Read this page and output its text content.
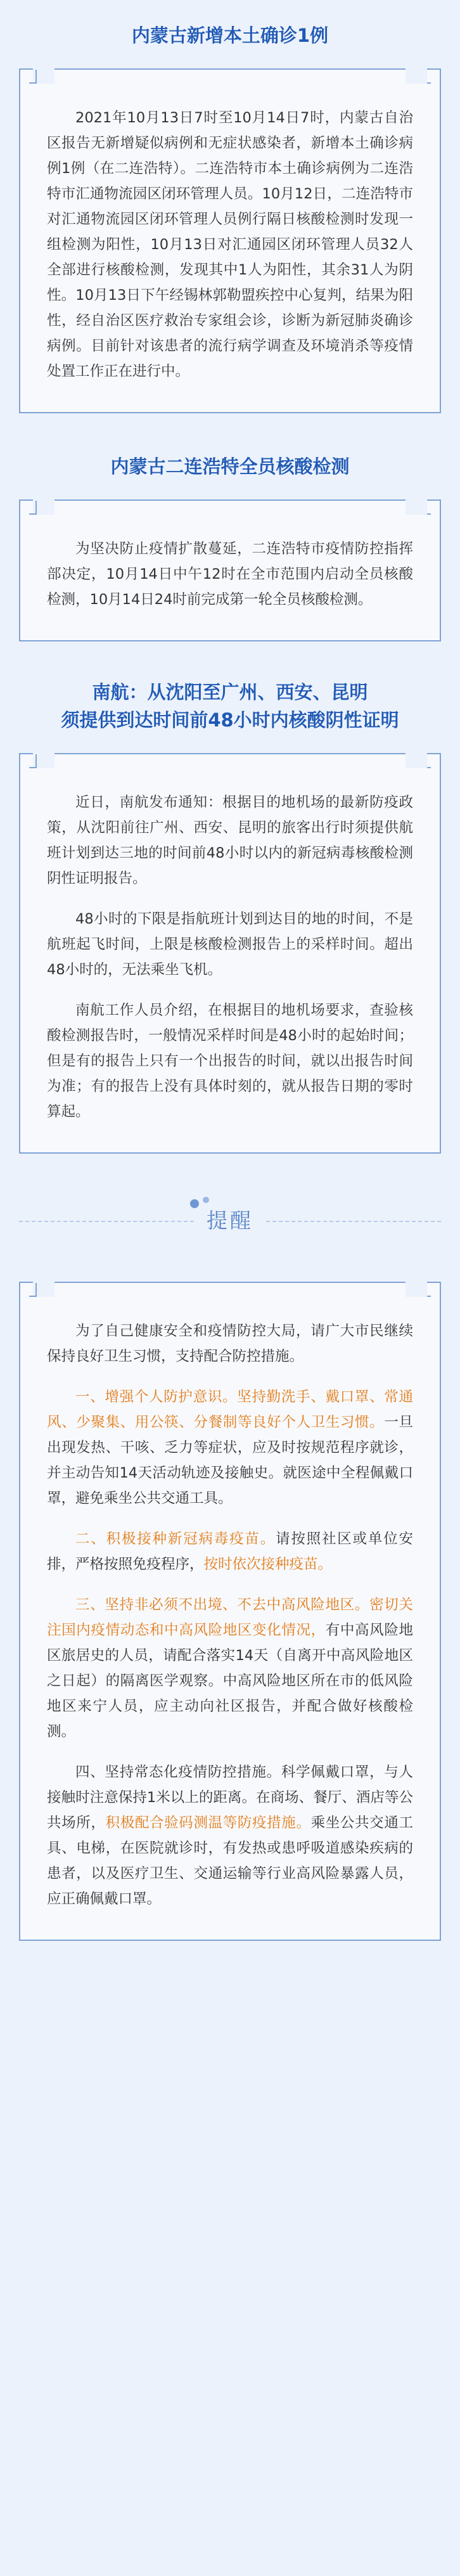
内蒙古新增本土确诊1例

2021年10月13日7时至10月14日7时，内蒙古自治区报告无新增疑似病例和无症状感染者，新增本土确诊病例1例（在二连浩特）。二连浩特市本土确诊病例为二连浩特市汇通物流园区闭环管理人员。10月12日，二连浩特市对汇通物流园区闭环管理人员例行隔日核酸检测时发现一组检测为阳性，10月13日对汇通园区闭环管理人员32人全部进行核酸检测，发现其中1人为阳性，其余31人为阴性。10月13日下午经锡林郭勒盟疾控中心复判，结果为阳性，经自治区医疗救治专家组会诊，诊断为新冠肺炎确诊病例。目前针对该患者的流行病学调查及环境消杀等疫情处置工作正在进行中。

内蒙古二连浩特全员核酸检测

为坚决防止疫情扩散蔓延，二连浩特市疫情防控指挥部决定，10月14日中午12时在全市范围内启动全员核酸检测，10月14日24时前完成第一轮全员核酸检测。

南航：从沈阳至广州、西安、昆明
须提供到达时间前48小时内核酸阴性证明

近日，南航发布通知：根据目的地机场的最新防疫政策，从沈阳前往广州、西安、昆明的旅客出行时须提供航班计划到达三地的时间前48小时以内的新冠病毒核酸检测阴性证明报告。

48小时的下限是指航班计划到达目的地的时间，不是航班起飞时间，上限是核酸检测报告上的采样时间。超出48小时的，无法乘坐飞机。

南航工作人员介绍，在根据目的地机场要求，查验核酸检测报告时，一般情况采样时间是48小时的起始时间；但是有的报告上只有一个出报告的时间，就以出报告时间为准；有的报告上没有具体时刻的，就从报告日期的零时算起。

提醒

为了自己健康安全和疫情防控大局，请广大市民继续保持良好卫生习惯，支持配合防控措施。

一、增强个人防护意识。坚持勤洗手、戴口罩、常通风、少聚集、用公筷、分餐制等良好个人卫生习惯。一旦出现发热、干咳、乏力等症状，应及时按规范程序就诊，并主动告知14天活动轨迹及接触史。就医途中全程佩戴口罩，避免乘坐公共交通工具。

二、积极接种新冠病毒疫苗。请按照社区或单位安排，严格按照免疫程序，按时依次接种疫苗。

三、坚持非必须不出境、不去中高风险地区。密切关注国内疫情动态和中高风险地区变化情况，有中高风险地区旅居史的人员，请配合落实14天（自离开中高风险地区之日起）的隔离医学观察。中高风险地区所在市的低风险地区来宁人员，应主动向社区报告，并配合做好核酸检测。

四、坚持常态化疫情防控措施。科学佩戴口罩，与人接触时注意保持1米以上的距离。在商场、餐厅、酒店等公共场所，积极配合验码测温等防疫措施。乘坐公共交通工具、电梯，在医院就诊时，有发热或患呼吸道感染疾病的患者，以及医疗卫生、交通运输等行业高风险暴露人员，应正确佩戴口罩。
